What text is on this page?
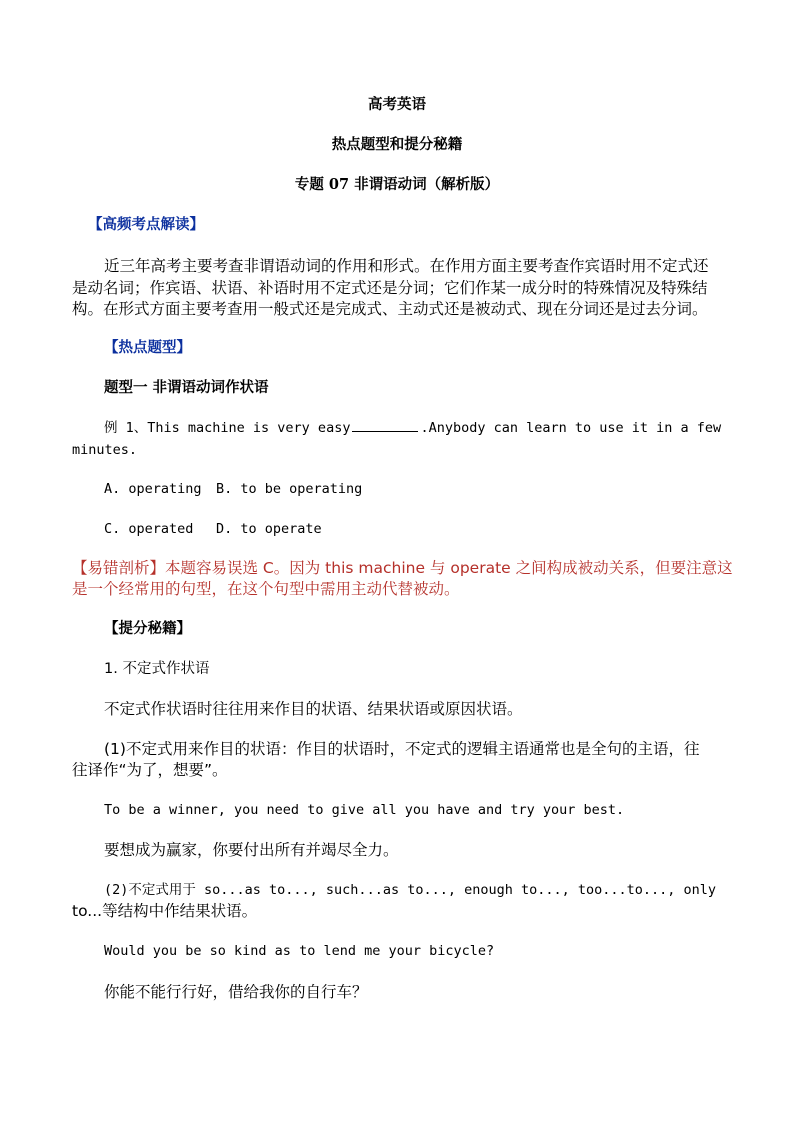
高考英语
热点题型和提分秘籍
专题 07 非谓语动词（解析版）
【高频考点解读】
近三年高考主要考查非谓语动词的作用和形式。在作用方面主要考查作宾语时用不定式还
是动名词；作宾语、状语、补语时用不定式还是分词；它们作某一成分时的特殊情况及特殊结
构。在形式方面主要考查用一般式还是完成式、主动式还是被动式、现在分词还是过去分词。
【热点题型】
题型一 非谓语动词作状语
例 1、This machine is very easy	.Anybody can learn to use it in a few
minutes.
A. operating B. to be operating
C. operated D. to operate
【易错剖析】本题容易误选 C。因为 this machine 与 operate 之间构成被动关系，但要注意这
是一个经常用的句型，在这个句型中需用主动代替被动。
【提分秘籍】
1. 不定式作状语
不定式作状语时往往用来作目的状语、结果状语或原因状语。
(1)不定式用来作目的状语：作目的状语时，不定式的逻辑主语通常也是全句的主语，往
往译作“为了，想要”。
To be a winner, you need to give all you have and try your best.
要想成为赢家，你要付出所有并竭尽全力。
(2)不定式用于 so...as to..., such...as to..., enough to..., too...to..., only
to...等结构中作结果状语。
Would you be so kind as to lend me your bicycle?
你能不能行行好，借给我你的自行车？
